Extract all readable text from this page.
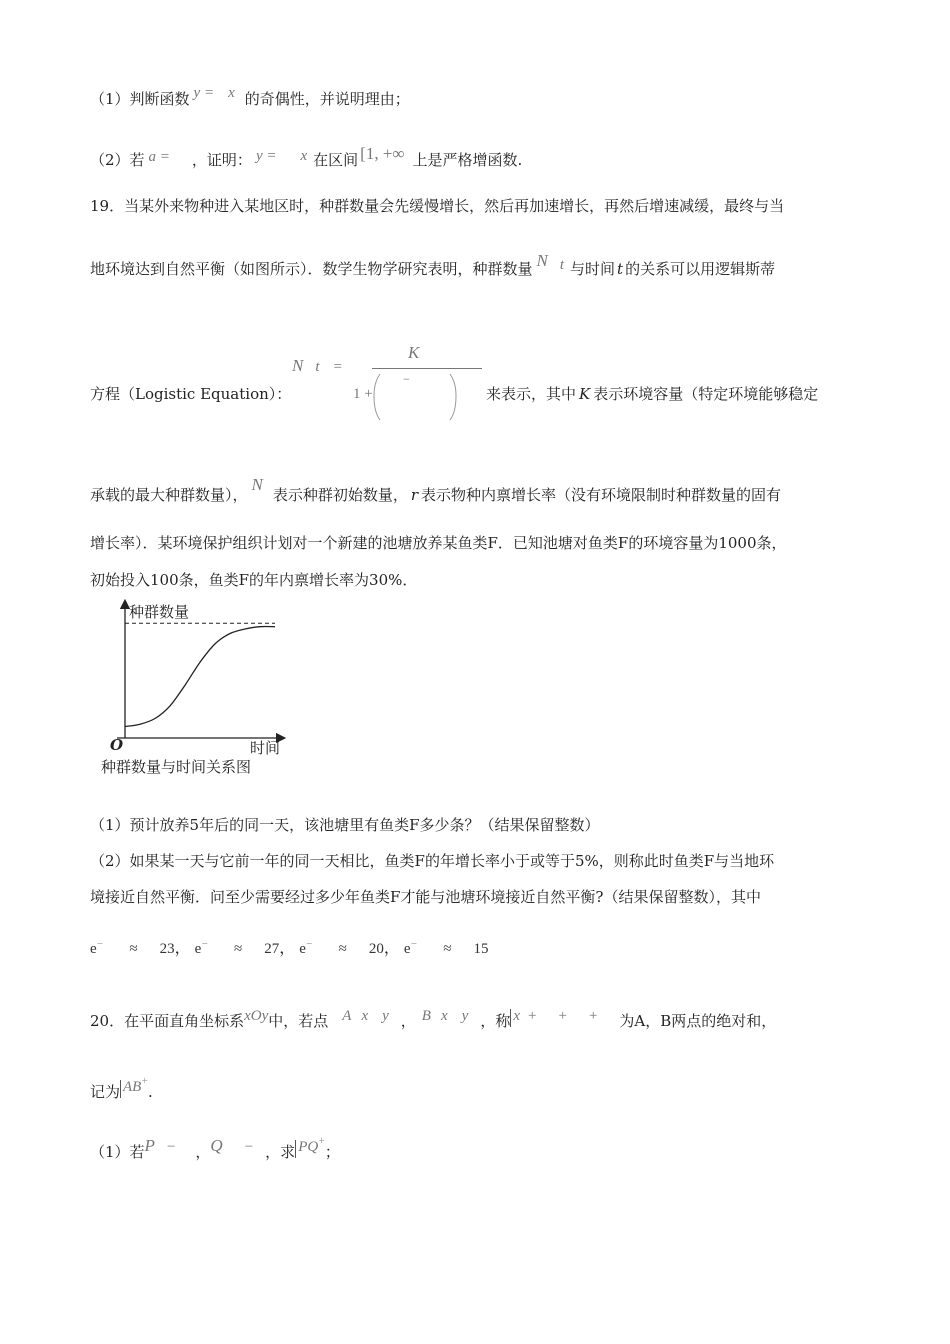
（1）判断函数 y = x 的奇偶性，并说明理由；
（2）若 a = ，证明： y = x 在区间 [1, +∞ 上是严格增函数.
19．当某外来物种进入某地区时，种群数量会先缓慢增长，然后再加速增长，再然后增速减缓，最终与当
地环境达到自然平衡（如图所示）．数学生物学研究表明，种群数量 N t 与时间 t 的关系可以用逻辑斯蒂
方程（Logistic Equation）：
N t =
K
1 +
−
来表示，其中 K 表示环境容量（特定环境能够稳定
承载的最大种群数量），N表示种群初始数量， r 表示物种内禀增长率（没有环境限制时种群数量的固有
增长率）．某环境保护组织计划对一个新建的池塘放养某鱼类F．已知池塘对鱼类F的环境容量为1000条，
初始投入100条，鱼类F的年内禀增长率为30%．
种群数量
时间
O
种群数量与时间关系图
（1）预计放养5年后的同一天，该池塘里有鱼类F多少条？（结果保留整数）
（2）如果某一天与它前一年的同一天相比，鱼类F的年增长率小于或等于5%，则称此时鱼类F与当地环
境接近自然平衡．问至少需要经过多少年鱼类F才能与池塘环境接近自然平衡?（结果保留整数），其中
e− ≈ 23， e− ≈ 27， e− ≈ 20， e− ≈ 15
20．在平面直角坐标系xOy中，若点 A x y ， B x y ，称 x + + + 为A，B两点的绝对和，
记为 AB+.
（1）若P − ，Q − ，求 PQ+；
